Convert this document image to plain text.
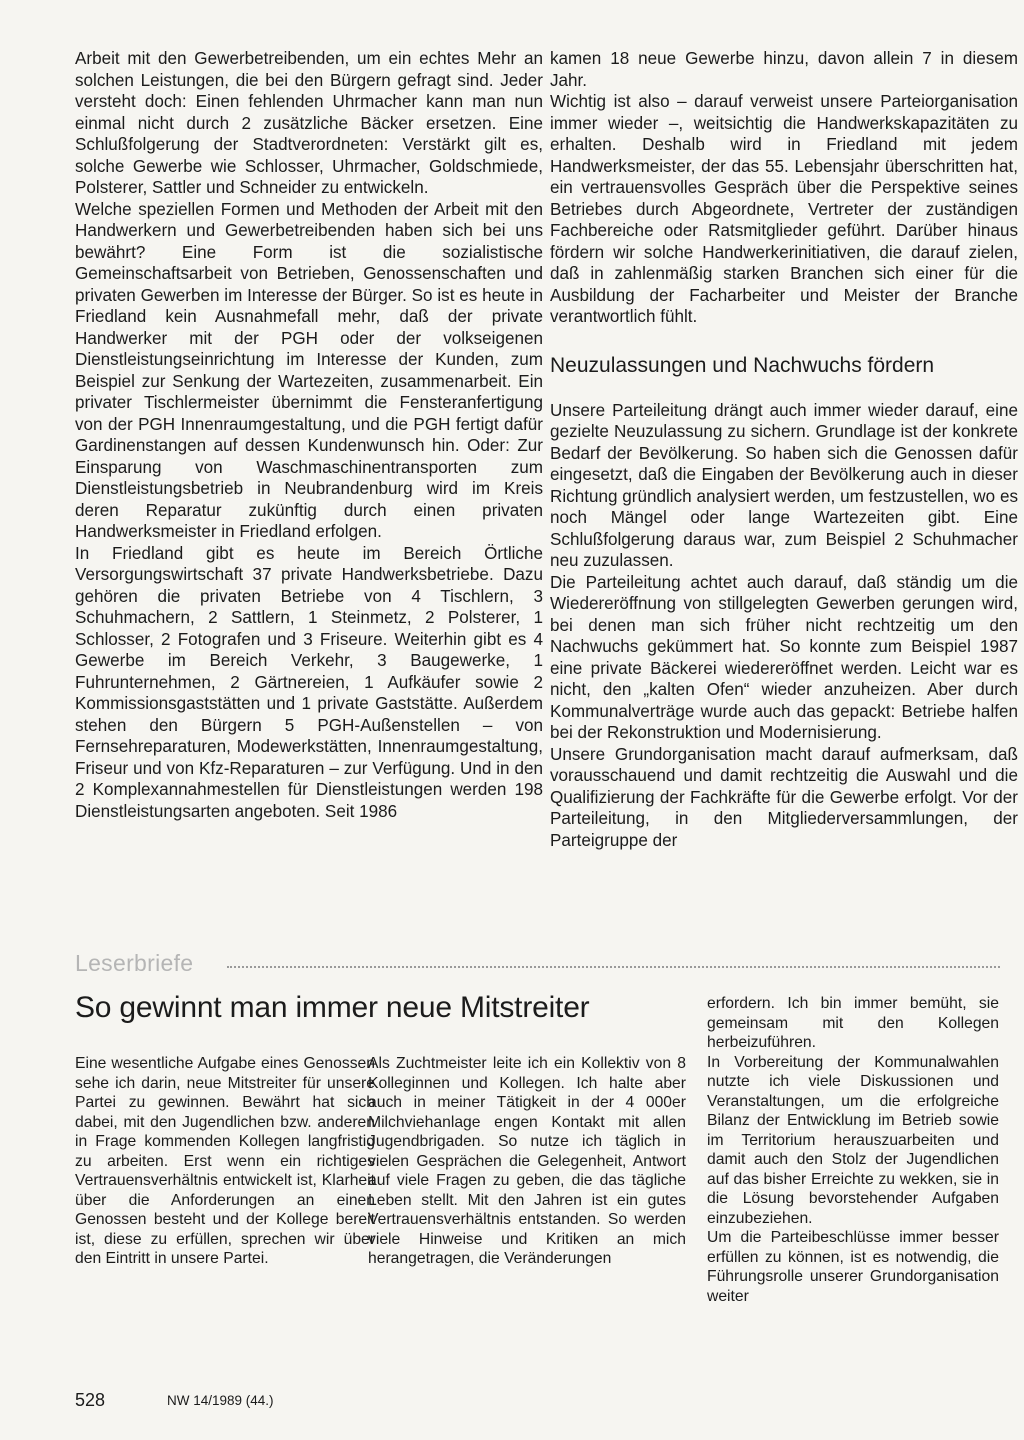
Arbeit mit den Gewerbetreibenden, um ein echtes Mehr an solchen Leistungen, die bei den Bürgern gefragt sind. Jeder versteht doch: Einen fehlenden Uhrmacher kann man nun einmal nicht durch 2 zusätzliche Bäcker ersetzen. Eine Schlußfolgerung der Stadtverordneten: Verstärkt gilt es, solche Gewerbe wie Schlosser, Uhrmacher, Goldschmiede, Polsterer, Sattler und Schneider zu entwickeln.

Welche speziellen Formen und Methoden der Arbeit mit den Handwerkern und Gewerbetreibenden haben sich bei uns bewährt? Eine Form ist die sozialistische Gemeinschaftsarbeit von Betrieben, Genossenschaften und privaten Gewerben im Interesse der Bürger. So ist es heute in Friedland kein Ausnahmefall mehr, daß der private Handwerker mit der PGH oder der volkseigenen Dienstleistungseinrichtung im Interesse der Kunden, zum Beispiel zur Senkung der Wartezeiten, zusammenarbeit. Ein privater Tischlermeister übernimmt die Fensteranfertigung von der PGH Innenraumgestaltung, und die PGH fertigt dafür Gardinenstangen auf dessen Kundenwunsch hin. Oder: Zur Einsparung von Waschmaschinentransporten zum Dienstleistungsbetrieb in Neubrandenburg wird im Kreis deren Reparatur zukünftig durch einen privaten Handwerksmeister in Friedland erfolgen.

In Friedland gibt es heute im Bereich Örtliche Versorgungswirtschaft 37 private Handwerksbetriebe. Dazu gehören die privaten Betriebe von 4 Tischlern, 3 Schuhmachern, 2 Sattlern, 1 Steinmetz, 2 Polsterer, 1 Schlosser, 2 Fotografen und 3 Friseure. Weiterhin gibt es 4 Gewerbe im Bereich Verkehr, 3 Baugewerke, 1 Fuhrunternehmen, 2 Gärtnereien, 1 Aufkäufer sowie 2 Kommissionsgaststätten und 1 private Gaststätte. Außerdem stehen den Bürgern 5 PGH-Außenstellen – von Fernsehreparaturen, Modewerkstätten, Innenraumgestaltung, Friseur und von Kfz-Reparaturen – zur Verfügung. Und in den 2 Komplexannahmestellen für Dienstleistungen werden 198 Dienstleistungsarten angeboten. Seit 1986

kamen 18 neue Gewerbe hinzu, davon allein 7 in diesem Jahr.

Wichtig ist also – darauf verweist unsere Parteiorganisation immer wieder –, weitsichtig die Handwerkskapazitäten zu erhalten. Deshalb wird in Friedland mit jedem Handwerksmeister, der das 55. Lebensjahr überschritten hat, ein vertrauensvolles Gespräch über die Perspektive seines Betriebes durch Abgeordnete, Vertreter der zuständigen Fachbereiche oder Ratsmitglieder geführt. Darüber hinaus fördern wir solche Handwerkerinitiativen, die darauf zielen, daß in zahlenmäßig starken Branchen sich einer für die Ausbildung der Facharbeiter und Meister der Branche verantwortlich fühlt.

Neuzulassungen und Nachwuchs fördern

Unsere Parteileitung drängt auch immer wieder darauf, eine gezielte Neuzulassung zu sichern. Grundlage ist der konkrete Bedarf der Bevölkerung. So haben sich die Genossen dafür eingesetzt, daß die Eingaben der Bevölkerung auch in dieser Richtung gründlich analysiert werden, um festzustellen, wo es noch Mängel oder lange Wartezeiten gibt. Eine Schlußfolgerung daraus war, zum Beispiel 2 Schuhmacher neu zuzulassen.

Die Parteileitung achtet auch darauf, daß ständig um die Wiedereröffnung von stillgelegten Gewerben gerungen wird, bei denen man sich früher nicht rechtzeitig um den Nachwuchs gekümmert hat. So konnte zum Beispiel 1987 eine private Bäckerei wiedereröffnet werden. Leicht war es nicht, den „kalten Ofen“ wieder anzuheizen. Aber durch Kommunalverträge wurde auch das gepackt: Betriebe halfen bei der Rekonstruktion und Modernisierung.

Unsere Grundorganisation macht darauf aufmerksam, daß vorausschauend und damit rechtzeitig die Auswahl und die Qualifizierung der Fachkräfte für die Gewerbe erfolgt. Vor der Parteileitung, in den Mitgliederversammlungen, der Parteigruppe der

Leserbriefe
So gewinnt man immer neue Mitstreiter

Eine wesentliche Aufgabe eines Genossen sehe ich darin, neue Mitstreiter für unsere Partei zu gewinnen. Bewährt hat sich dabei, mit den Jugendlichen bzw. anderen in Frage kommenden Kollegen langfristig zu arbeiten. Erst wenn ein richtiges Vertrauensverhältnis entwickelt ist, Klarheit über die Anforderungen an einen Genossen besteht und der Kollege bereit ist, diese zu erfüllen, sprechen wir über den Eintritt in unsere Partei.

Als Zuchtmeister leite ich ein Kollektiv von 8 Kolleginnen und Kollegen. Ich halte aber auch in meiner Tätigkeit in der 4 000er Milchviehanlage engen Kontakt mit allen Jugendbrigaden. So nutze ich täglich in vielen Gesprächen die Gelegenheit, Antwort auf viele Fragen zu geben, die das tägliche Leben stellt. Mit den Jahren ist ein gutes Vertrauensverhältnis entstanden. So werden viele Hinweise und Kritiken an mich herangetragen, die Veränderungen

erfordern. Ich bin immer bemüht, sie gemeinsam mit den Kollegen herbeizuführen.

In Vorbereitung der Kommunalwahlen nutzte ich viele Diskussionen und Veranstaltungen, um die erfolgreiche Bilanz der Entwicklung im Betrieb sowie im Territorium herauszuarbeiten und damit auch den Stolz der Jugendlichen auf das bisher Erreichte zu wekken, sie in die Lösung bevorstehender Aufgaben einzubeziehen.

Um die Parteibeschlüsse immer besser erfüllen zu können, ist es notwendig, die Führungsrolle unserer Grundorganisation weiter

528	NW 14/1989 (44.)
